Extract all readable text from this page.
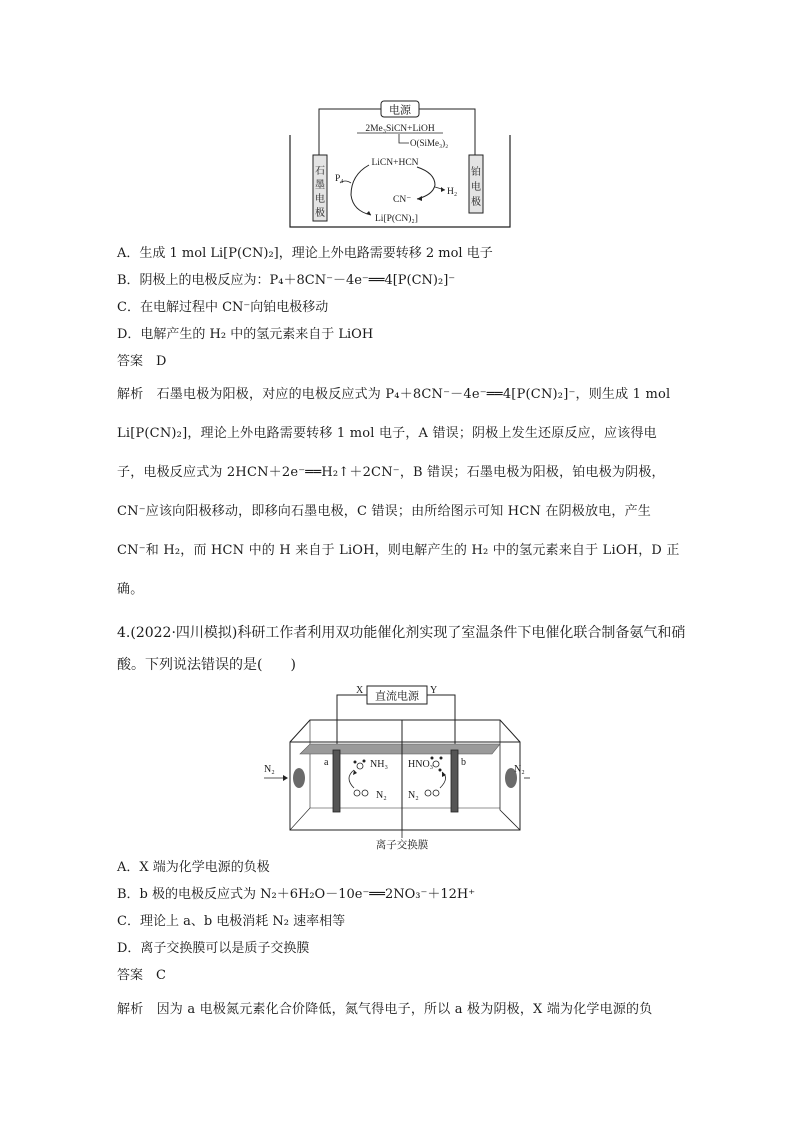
电源
石
墨
电
极
铂
电
极
2Me₃SiCN+LiOH
O(SiMe₃)₂
LiCN+HCN
P₄
CN⁻
H₂
Li[P(CN)₂]
A．生成 1 mol Li[P(CN)₂]，理论上外电路需要转移 2 mol 电子
B．阴极上的电极反应为：P₄＋8CN⁻－4e⁻══4[P(CN)₂]⁻
C．在电解过程中 CN⁻向铂电极移动
D．电解产生的 H₂ 中的氢元素来自于 LiOH
答案  D
解析  石墨电极为阳极，对应的电极反应式为 P₄＋8CN⁻－4e⁻══4[P(CN)₂]⁻，则生成 1 mol
Li[P(CN)₂]，理论上外电路需要转移 1 mol 电子，A 错误；阴极上发生还原反应，应该得电
子，电极反应式为 2HCN＋2e⁻══H₂↑＋2CN⁻，B 错误；石墨电极为阳极，铂电极为阴极，
CN⁻应该向阳极移动，即移向石墨电极，C 错误；由所给图示可知 HCN 在阴极放电，产生
CN⁻和 H₂，而 HCN 中的 H 来自于 LiOH，则电解产生的 H₂ 中的氢元素来自于 LiOH，D 正
确。
4.(2022·四川模拟)科研工作者利用双功能催化剂实现了室温条件下电催化联合制备氨气和硝
酸。下列说法错误的是(　　)
直流电源
X	Y
a	b
N₂	N₂
NH₃
N₂
HNO₃
N₂
离子交换膜
A．X 端为化学电源的负极
B．b 极的电极反应式为 N₂＋6H₂O－10e⁻══2NO₃⁻＋12H⁺
C．理论上 a、b 电极消耗 N₂ 速率相等
D．离子交换膜可以是质子交换膜
答案  C
解析  因为 a 电极氮元素化合价降低，氮气得电子，所以 a 极为阴极，X 端为化学电源的负
